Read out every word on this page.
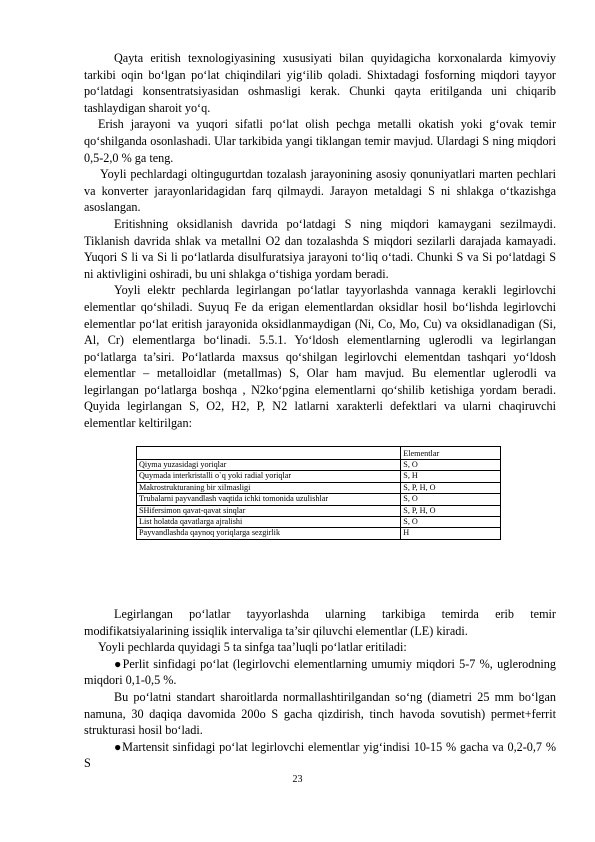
Qayta eritish texnologiyasining xususiyati bilan quyidagicha korxonalarda kimyoviy tarkibi oqin bo‘lgan po‘lat chiqindilari yig‘ilib qoladi. Shixtadagi fosforning miqdori tayyor po‘latdagi konsentratsiyasidan oshmasligi kerak. Chunki qayta eritilganda uni chiqarib tashlaydigan sharoit yo‘q.

Erish jarayoni va yuqori sifatli po‘lat olish pechga metalli okatish yoki g‘ovak temir qo‘shilganda osonlashadi. Ular tarkibida yangi tiklangan temir mavjud. Ulardagi S ning miqdori 0,5-2,0 % ga teng.

Yoyli pechlardagi oltingugurtdan tozalash jarayonining asosiy qonuniyatlari marten pechlari va konverter jarayonlaridagidan farq qilmaydi. Jarayon metaldagi S ni shlakga o‘tkazishga asoslangan.

Eritishning oksidlanish davrida po‘latdagi S ning miqdori kamaygani sezilmaydi. Tiklanish davrida shlak va metallni O2 dan tozalashda S miqdori sezilarli darajada kamayadi. Yuqori S li va Si li po‘latlarda disulfuratsiya jarayoni to‘liq o‘tadi. Chunki S va Si po‘latdagi S ni aktivligini oshiradi, bu uni shlakga o‘tishiga yordam beradi.

Yoyli elektr pechlarda legirlangan po‘latlar tayyorlashda vannaga kerakli legirlovchi elementlar qo‘shiladi. Suyuq Fe da erigan elementlardan oksidlar hosil bo‘lishda legirlovchi elementlar po‘lat eritish jarayonida oksidlanmaydigan (Ni, Co, Mo, Cu) va oksidlanadigan (Si, Al, Cr) elementlarga bo‘linadi. 5.5.1. Yo‘ldosh elementlarning uglerodli va legirlangan po‘latlarga ta’siri. Po‘latlarda maxsus qo‘shilgan legirlovchi elementdan tashqari yo‘ldosh elementlar – metalloidlar (metallmas) S, Olar ham mavjud. Bu elementlar uglerodli va legirlangan po‘latlarga boshqa , N2ko‘pgina elementlarni qo‘shilib ketishiga yordam beradi. Quyida legirlangan S, O2, H2, P, N2 latlarni xarakterli defektlari va ularni chaqiruvchi elementlar keltirilgan:

	Elementlar
Qiyma yuzasidagi yoriqlar	S, O
Quymada interkristalli o`q yoki radial yoriqlar	S, H
Makrostrukturaning bir xilmasligi	S, P, H, O
Trubalarni payvandlash vaqtida ichki tomonida uzulishlar	S, O
SHifersimon qavat-qavat sinqlar	S, P, H, O
List holatda qavatlarga ajralishi	S, O
Payvandlashda qaynoq yoriqlarga sezgirlik	H

Legirlangan po‘latlar tayyorlashda ularning tarkibiga temirda erib temir modifikatsiyalarining issiqlik intervaliga ta’sir qiluvchi elementlar (LE) kiradi.

Yoyli pechlarda quyidagi 5 ta sinfga taa’luqli po‘latlar eritiladi:

●Perlit sinfidagi po‘lat (legirlovchi elementlarning umumiy miqdori 5-7 %, uglerodning miqdori 0,1-0,5 %.

Bu po‘latni standart sharoitlarda normallashtirilgandan so‘ng (diametri 25 mm bo‘lgan namuna, 30 daqiqa davomida 200o S gacha qizdirish, tinch havoda sovutish) permet+ferrit strukturasi hosil bo‘ladi.

●Martensit sinfidagi po‘lat legirlovchi elementlar yig‘indisi 10-15 % gacha va 0,2-0,7 % S

23
